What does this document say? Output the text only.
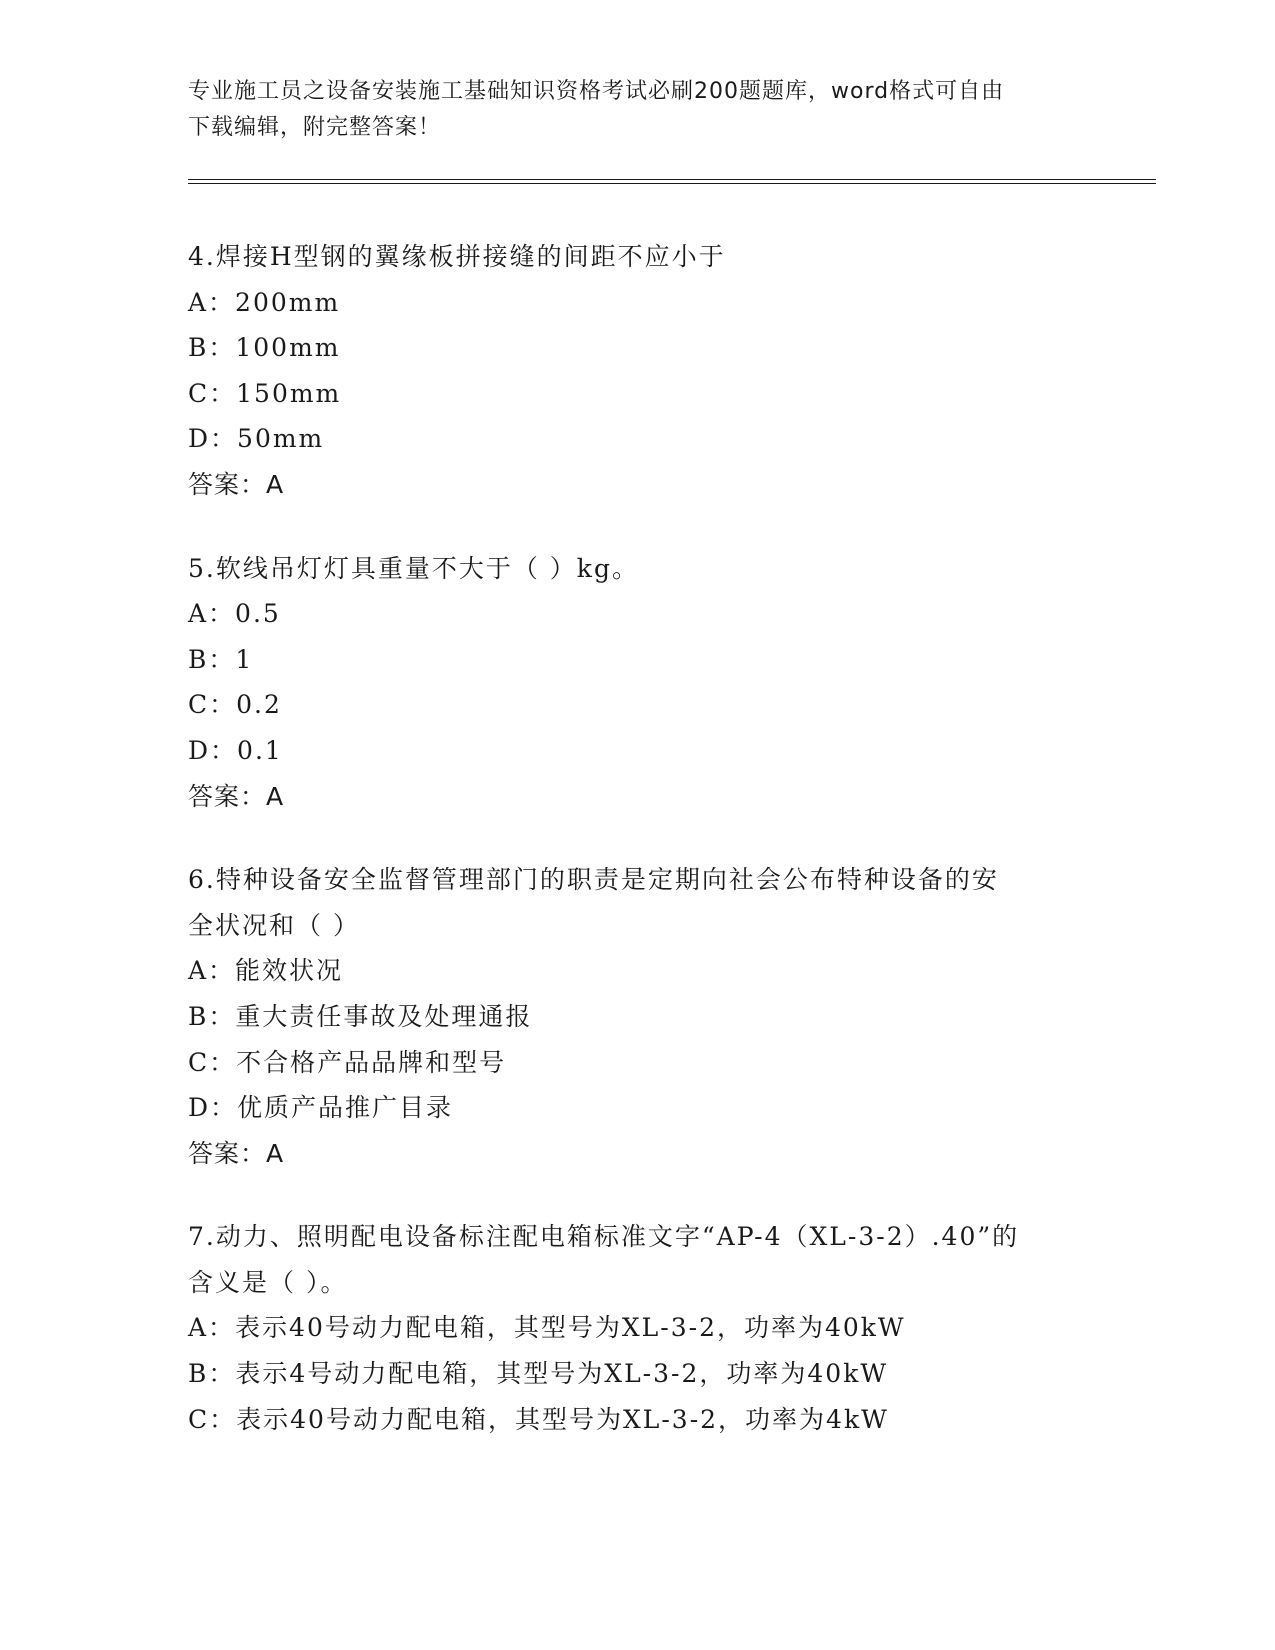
专业施工员之设备安装施工基础知识资格考试必刷200题题库，word格式可自由
下载编辑，附完整答案！
4.焊接H型钢的翼缘板拼接缝的间距不应小于
A：200mm
B：100mm
C：150mm
D：50mm
答案：A
5.软线吊灯灯具重量不大于（ ）kg。
A：0.5
B：1
C：0.2
D：0.1
答案：A
6.特种设备安全监督管理部门的职责是定期向社会公布特种设备的安
全状况和（ ）
A：能效状况
B：重大责任事故及处理通报
C：不合格产品品牌和型号
D：优质产品推广目录
答案：A
7.动力、照明配电设备标注配电箱标准文字“AP-4（XL-3-2）.40”的
含义是（ ）。
A：表示40号动力配电箱，其型号为XL-3-2，功率为40kW
B：表示4号动力配电箱，其型号为XL-3-2，功率为40kW
C：表示40号动力配电箱，其型号为XL-3-2，功率为4kW
